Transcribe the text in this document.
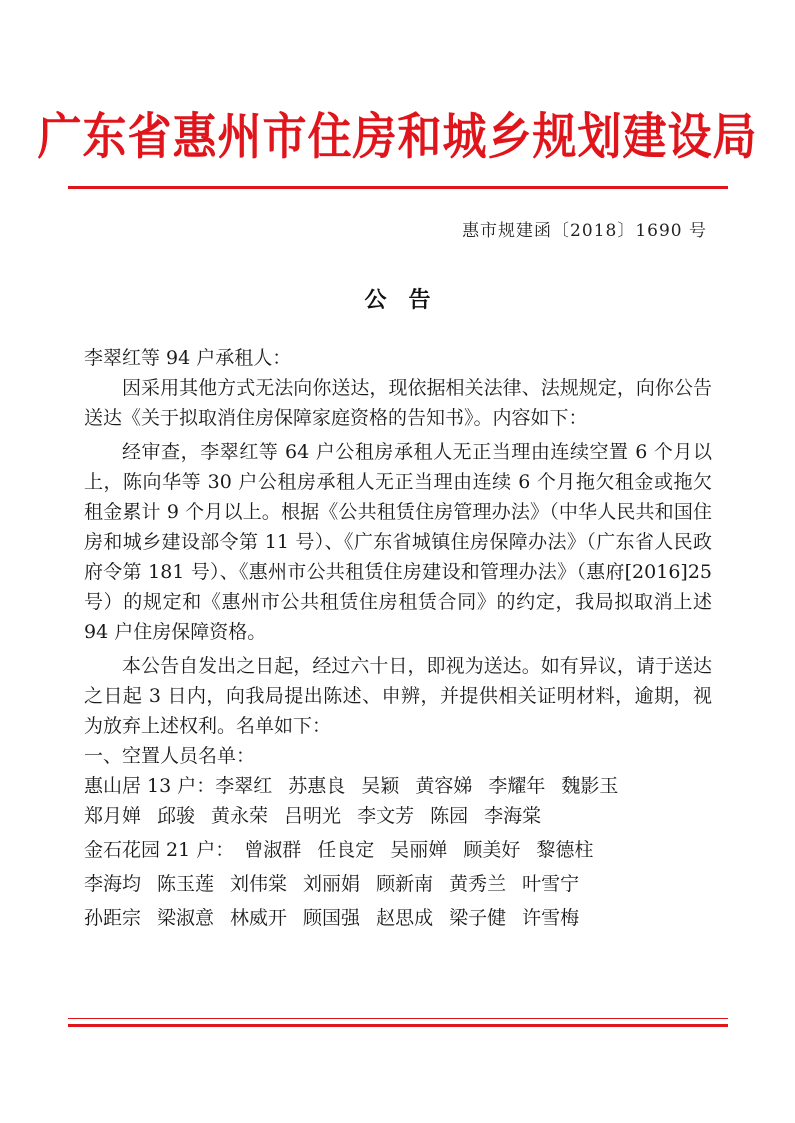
广东省惠州市住房和城乡规划建设局
惠市规建函〔2018〕1690 号
公　告

李翠红等 94 户承租人：

因采用其他方式无法向你送达，现依据相关法律、法规规定，向你公告送达《关于拟取消住房保障家庭资格的告知书》。内容如下：

经审查，李翠红等 64 户公租房承租人无正当理由连续空置 6 个月以上，陈向华等 30 户公租房承租人无正当理由连续 6 个月拖欠租金或拖欠租金累计 9 个月以上。根据《公共租赁住房管理办法》（中华人民共和国住房和城乡建设部令第 11 号）、《广东省城镇住房保障办法》（广东省人民政府令第 181 号）、《惠州市公共租赁住房建设和管理办法》（惠府[2016]25 号）的规定和《惠州市公共租赁住房租赁合同》的约定，我局拟取消上述 94 户住房保障资格。

本公告自发出之日起，经过六十日，即视为送达。如有异议，请于送达之日起 3 日内，向我局提出陈述、申辨，并提供相关证明材料，逾期，视为放弃上述权利。名单如下：

一、空置人员名单：

惠山居 13 户：李翠红 苏惠良 吴颖 黄容娣 李耀年 魏影玉
郑月婵 邱骏 黄永荣 吕明光 李文芳 陈园 李海棠
金石花园 21 户： 曾淑群 任良定 吴丽婵 顾美好 黎德柱
李海均 陈玉莲 刘伟棠 刘丽娟 顾新南 黄秀兰 叶雪宁
孙距宗 梁淑意 林威开 顾国强 赵思成 梁子健 许雪梅
